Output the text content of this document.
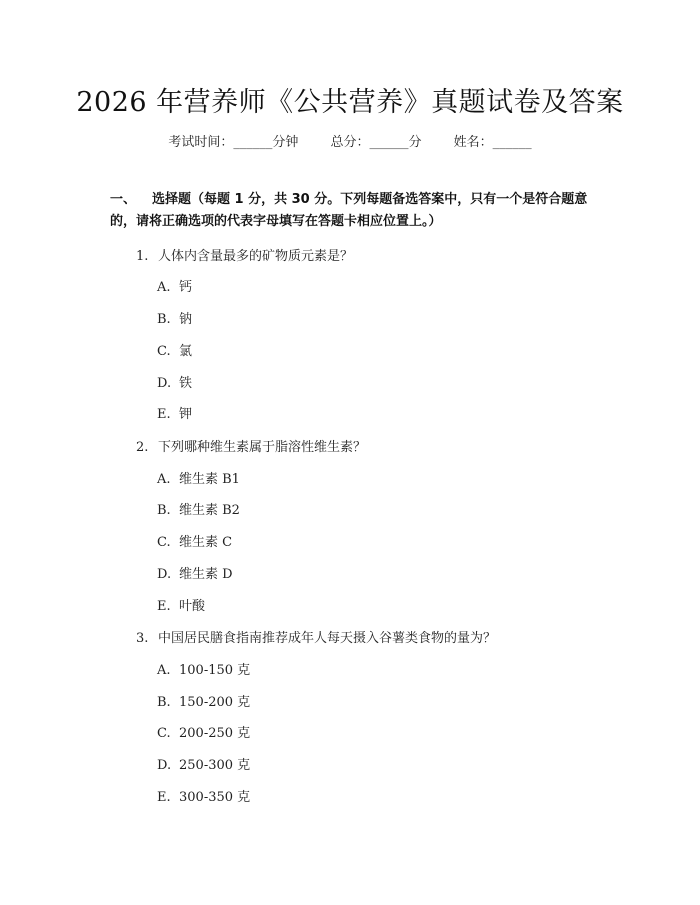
2026 年营养师《公共营养》真题试卷及答案
考试时间：______分钟 总分：______分 姓名：______
一、 选择题（每题 1 分，共 30 分。下列每题备选答案中，只有一个是符合题意的，请将正确选项的代表字母填写在答题卡相应位置上。）
1. 人体内含量最多的矿物质元素是？
A. 钙
B. 钠
C. 氯
D. 铁
E. 钾
2. 下列哪种维生素属于脂溶性维生素？
A. 维生素 B1
B. 维生素 B2
C. 维生素 C
D. 维生素 D
E. 叶酸
3. 中国居民膳食指南推荐成年人每天摄入谷薯类食物的量为？
A. 100-150 克
B. 150-200 克
C. 200-250 克
D. 250-300 克
E. 300-350 克
